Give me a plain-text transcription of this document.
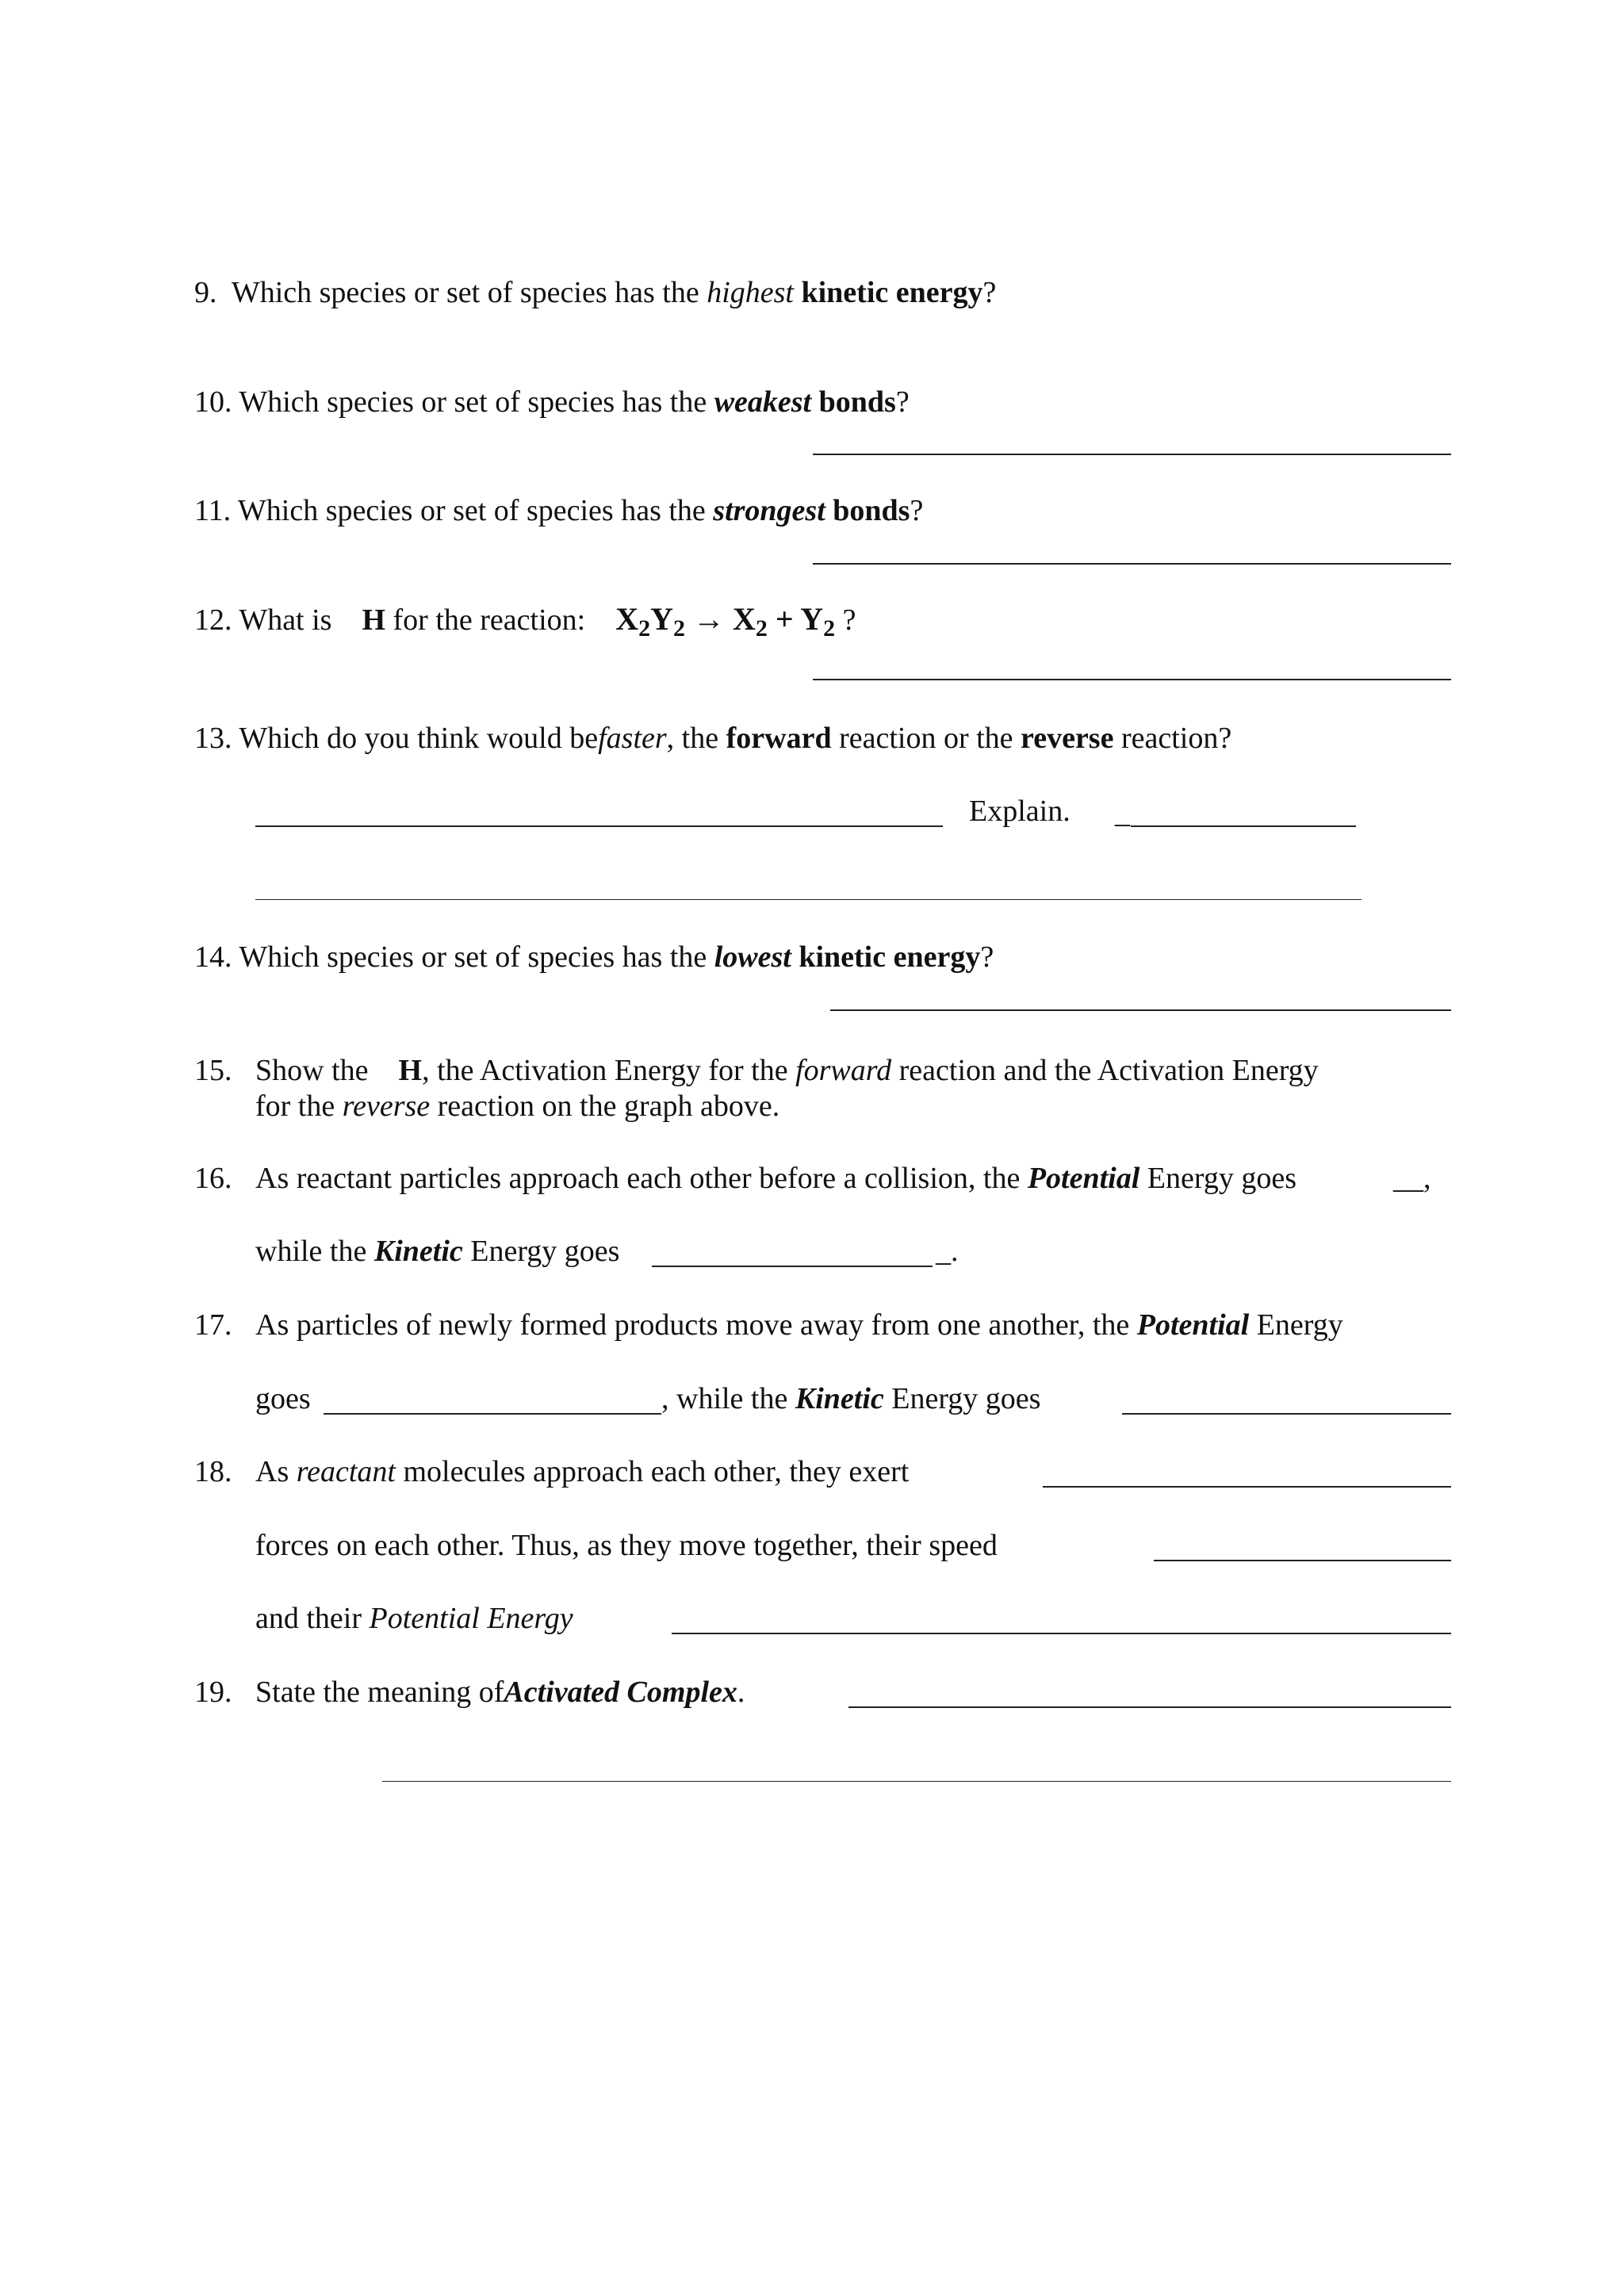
9. Which species or set of species has the highest kinetic energy?
10. Which species or set of species has the weakest bonds?
11. Which species or set of species has the strongest bonds?
12. What is H for the reaction: $X_2Y_2 \to X_2 + Y_2$ ?
13. Which do you think would befaster, the forward reaction or the reverse reaction?
Explain. _
14. Which species or set of species has the lowest kinetic energy?
15. Show the H, the Activation Energy for the forward reaction and the Activation Energy
for the reverse reaction on the graph above.
16. As reactant particles approach each other before a collision, the Potential Energy goes	__,
while the Kinetic Energy goes	_.
17. As particles of newly formed products move away from one another, the Potential Energy
goes	, while the Kinetic Energy goes
18. As reactant molecules approach each other, they exert
forces on each other. Thus, as they move together, their speed
and their Potential Energy
19. State the meaning ofActivated Complex.
